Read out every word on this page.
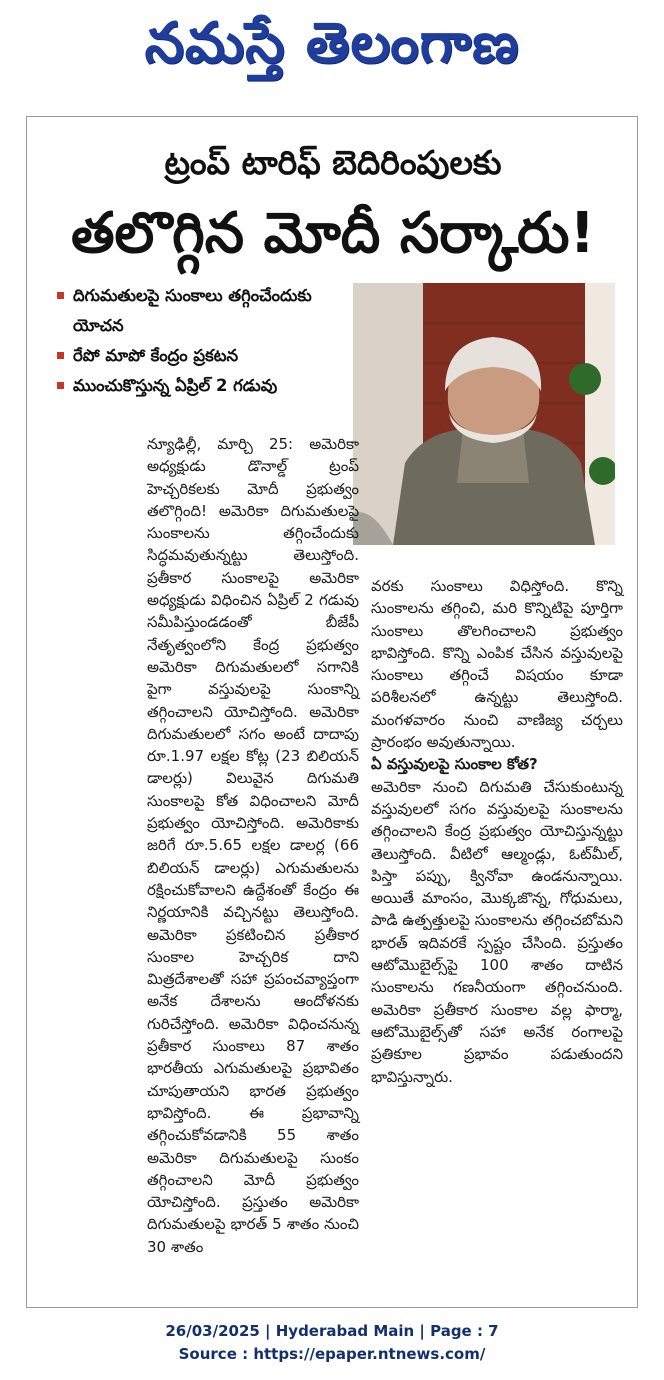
నమస్తే తెలంగాణ
ట్రంప్ టారిఫ్ బెదిరింపులకు
తలొగ్గిన మోదీ సర్కారు!
దిగుమతులపై సుంకాలు తగ్గించేందుకు యోచన
రేపో మాపో కేంద్రం ప్రకటన
ముంచుకొస్తున్న ఏప్రిల్ 2 గడువు

న్యూఢిల్లీ, మార్చి 25: అమెరికా అధ్యక్షుడు డొనాల్డ్ ట్రంప్ హెచ్చరికలకు మోదీ ప్రభుత్వం తలొగ్గింది! అమెరికా దిగుమతులపై సుంకాలను తగ్గించేందుకు సిద్ధమవుతున్నట్టు తెలుస్తోంది. ప్రతీకార సుంకాలపై అమెరికా అధ్యక్షుడు విధించిన ఏప్రిల్ 2 గడువు సమీపిస్తుండడంతో బీజేపీ నేతృత్వంలోని కేంద్ర ప్రభుత్వం అమెరికా దిగుమతులలో సగానికి పైగా వస్తువులపై సుంకాన్ని తగ్గించాలని యోచిస్తోంది. అమెరికా దిగుమతులలో సగం అంటే దాదాపు రూ.1.97 లక్షల కోట్ల (23 బిలియన్ డాలర్లు) విలువైన దిగుమతి సుంకాలపై కోత విధించాలని మోదీ ప్రభుత్వం యోచిస్తోంది. అమెరికాకు జరిగే రూ.5.65 లక్షల డాలర్ల (66 బిలియన్ డాలర్లు) ఎగుమతులను రక్షించుకోవాలని ఉద్దేశంతో కేంద్రం ఈ నిర్ణయానికి వచ్చినట్టు తెలుస్తోంది. అమెరికా ప్రకటించిన ప్రతీకార సుంకాల హెచ్చరిక దాని మిత్రదేశాలతో సహా ప్రపంచవ్యాప్తంగా అనేక దేశాలను ఆందోళనకు గురిచేస్తోంది. అమెరికా విధించనున్న ప్రతీకార సుంకాలు 87 శాతం భారతీయ ఎగుమతులపై ప్రభావితం చూపుతాయని భారత ప్రభుత్వం భావిస్తోంది. ఈ ప్రభావాన్ని తగ్గించుకోవడానికి 55 శాతం అమెరికా దిగుమతులపై సుంకం తగ్గించాలని మోదీ ప్రభుత్వం యోచిస్తోంది. ప్రస్తుతం అమెరికా దిగుమతులపై భారత్ 5 శాతం నుంచి 30 శాతం

వరకు సుంకాలు విధిస్తోంది. కొన్ని సుంకాలను తగ్గించి, మరి కొన్నిటిపై పూర్తిగా సుంకాలు తొలగించాలని ప్రభుత్వం భావిస్తోంది. కొన్ని ఎంపిక చేసిన వస్తువులపై సుంకాలు తగ్గించే విషయం కూడా పరిశీలనలో ఉన్నట్టు తెలుస్తోంది. మంగళవారం నుంచి వాణిజ్య చర్చలు ప్రారంభం అవుతున్నాయి.

ఏ వస్తువులపై సుంకాల కోత?

అమెరికా నుంచి దిగుమతి చేసుకుంటున్న వస్తువులలో సగం వస్తువులపై సుంకాలను తగ్గించాలని కేంద్ర ప్రభుత్వం యోచిస్తున్నట్టు తెలుస్తోంది. వీటిలో ఆల్మండ్లు, ఓట్‌మీల్, పిస్తా పప్పు, క్వినోవా ఉండనున్నాయి. అయితే మాంసం, మొక్కజొన్న, గోధుమలు, పాడి ఉత్పత్తులపై సుంకాలను తగ్గించబోమని భారత్ ఇదివరకే స్పష్టం చేసింది. ప్రస్తుతం ఆటోమొబైల్స్‌పై 100 శాతం దాటిన సుంకాలను గణనీయంగా తగ్గించనుంది. అమెరికా ప్రతీకార సుంకాల వల్ల ఫార్మా, ఆటోమొబైల్స్‌తో సహా అనేక రంగాలపై ప్రతికూల ప్రభావం పడుతుందని భావిస్తున్నారు.

26/03/2025 | Hyderabad Main | Page : 7
Source : https://epaper.ntnews.com/
